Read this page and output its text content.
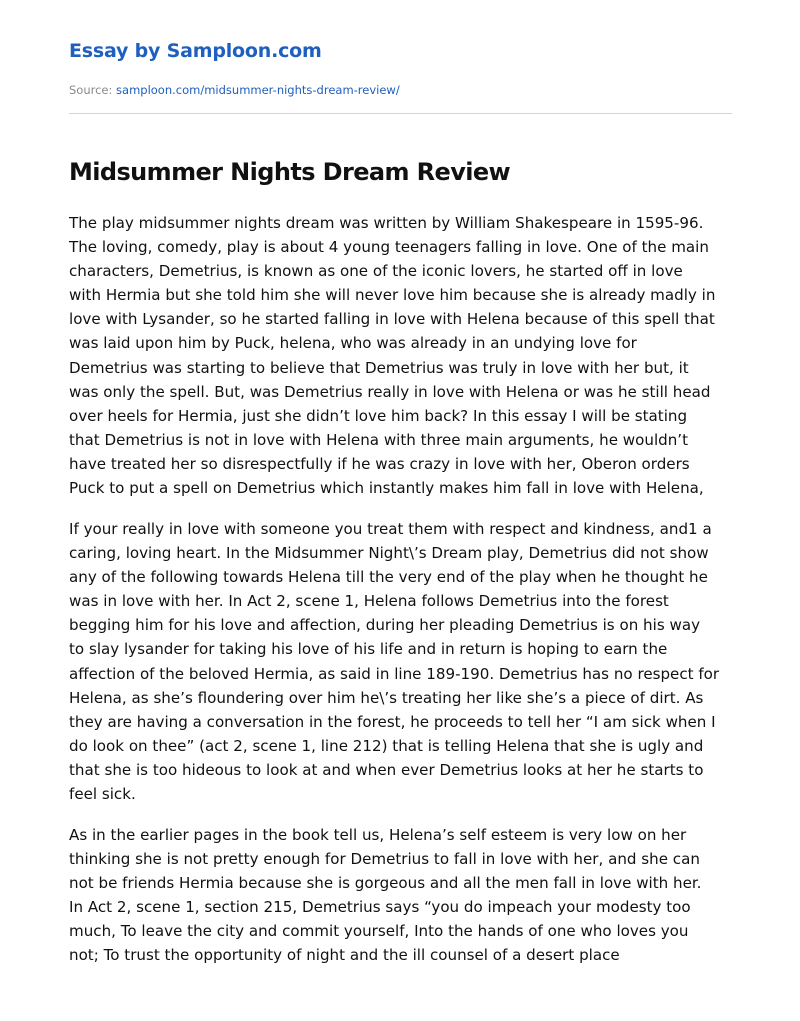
Essay by Samploon.com
Source: samploon.com/midsummer-nights-dream-review/
Midsummer Nights Dream Review
The play midsummer nights dream was written by William Shakespeare in 1595-96.
The loving, comedy, play is about 4 young teenagers falling in love. One of the main
characters, Demetrius, is known as one of the iconic lovers, he started off in love
with Hermia but she told him she will never love him because she is already madly in
love with Lysander, so he started falling in love with Helena because of this spell that
was laid upon him by Puck, helena, who was already in an undying love for
Demetrius was starting to believe that Demetrius was truly in love with her but, it
was only the spell. But, was Demetrius really in love with Helena or was he still head
over heels for Hermia, just she didn’t love him back? In this essay I will be stating
that Demetrius is not in love with Helena with three main arguments, he wouldn’t
have treated her so disrespectfully if he was crazy in love with her, Oberon orders
Puck to put a spell on Demetrius which instantly makes him fall in love with Helena,
If your really in love with someone you treat them with respect and kindness, and1 a
caring, loving heart. In the Midsummer Night\’s Dream play, Demetrius did not show
any of the following towards Helena till the very end of the play when he thought he
was in love with her. In Act 2, scene 1, Helena follows Demetrius into the forest
begging him for his love and affection, during her pleading Demetrius is on his way
to slay lysander for taking his love of his life and in return is hoping to earn the
affection of the beloved Hermia, as said in line 189-190. Demetrius has no respect for
Helena, as she’s floundering over him he\’s treating her like she’s a piece of dirt. As
they are having a conversation in the forest, he proceeds to tell her “I am sick when I
do look on thee” (act 2, scene 1, line 212) that is telling Helena that she is ugly and
that she is too hideous to look at and when ever Demetrius looks at her he starts to
feel sick.
As in the earlier pages in the book tell us, Helena’s self esteem is very low on her
thinking she is not pretty enough for Demetrius to fall in love with her, and she can
not be friends Hermia because she is gorgeous and all the men fall in love with her.
In Act 2, scene 1, section 215, Demetrius says “you do impeach your modesty too
much, To leave the city and commit yourself, Into the hands of one who loves you
not; To trust the opportunity of night and the ill counsel of a desert place
